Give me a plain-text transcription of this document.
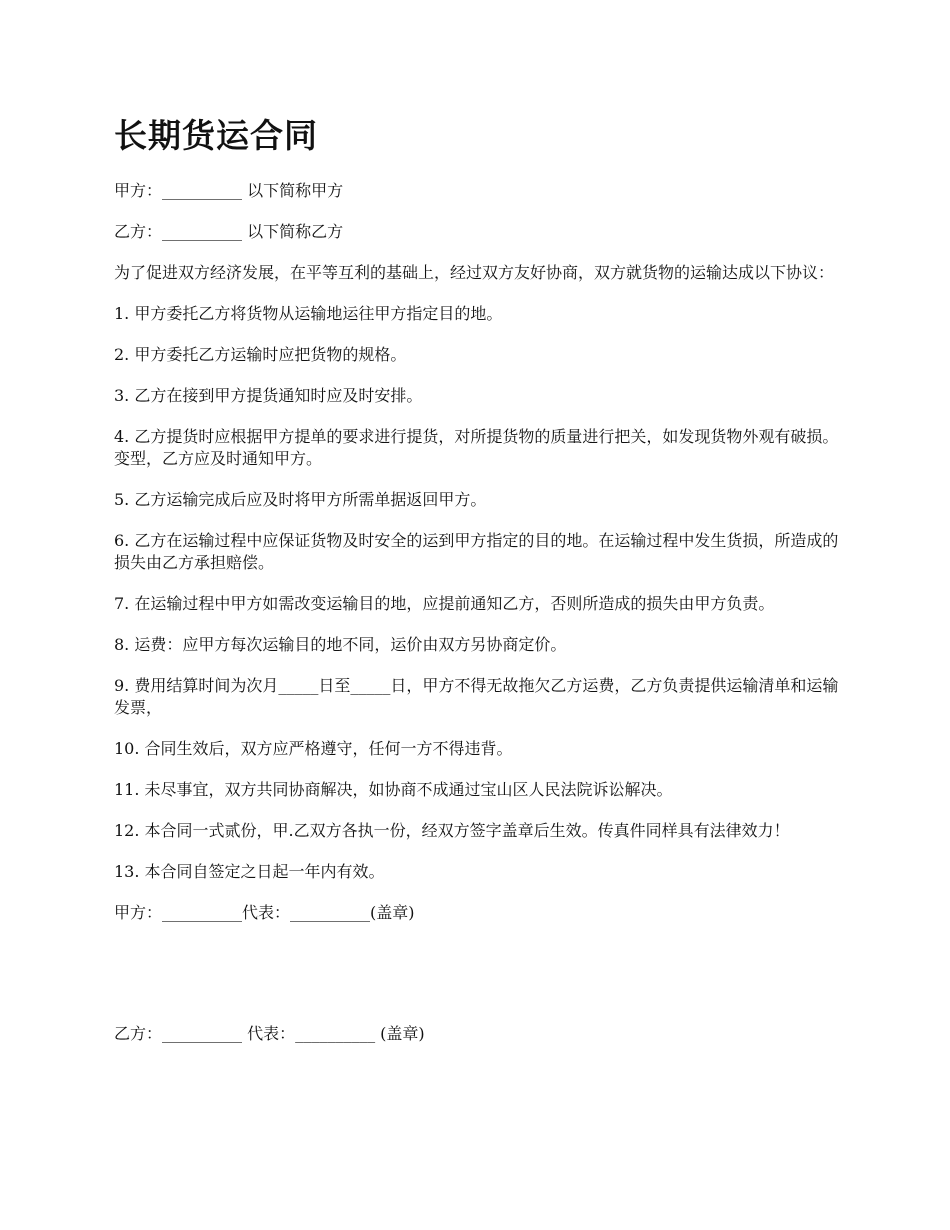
长期货运合同

甲方：__________ 以下简称甲方

乙方：__________ 以下简称乙方

为了促进双方经济发展，在平等互利的基础上，经过双方友好协商，双方就货物的运输达成以下协议：

1. 甲方委托乙方将货物从运输地运往甲方指定目的地。

2. 甲方委托乙方运输时应把货物的规格。

3. 乙方在接到甲方提货通知时应及时安排。

4. 乙方提货时应根据甲方提单的要求进行提货，对所提货物的质量进行把关，如发现货物外观有破损。变型，乙方应及时通知甲方。

5. 乙方运输完成后应及时将甲方所需单据返回甲方。

6. 乙方在运输过程中应保证货物及时安全的运到甲方指定的目的地。在运输过程中发生货损，所造成的损失由乙方承担赔偿。

7. 在运输过程中甲方如需改变运输目的地，应提前通知乙方，否则所造成的损失由甲方负责。

8. 运费：应甲方每次运输目的地不同，运价由双方另协商定价。

9. 费用结算时间为次月_____日至_____日，甲方不得无故拖欠乙方运费，乙方负责提供运输清单和运输发票，

10. 合同生效后，双方应严格遵守，任何一方不得违背。

11. 未尽事宜，双方共同协商解决，如协商不成通过宝山区人民法院诉讼解决。

12. 本合同一式贰份，甲.乙双方各执一份，经双方签字盖章后生效。传真件同样具有法律效力！

13. 本合同自签定之日起一年内有效。

甲方：__________代表：__________(盖章)

乙方：__________ 代表：__________ (盖章)
